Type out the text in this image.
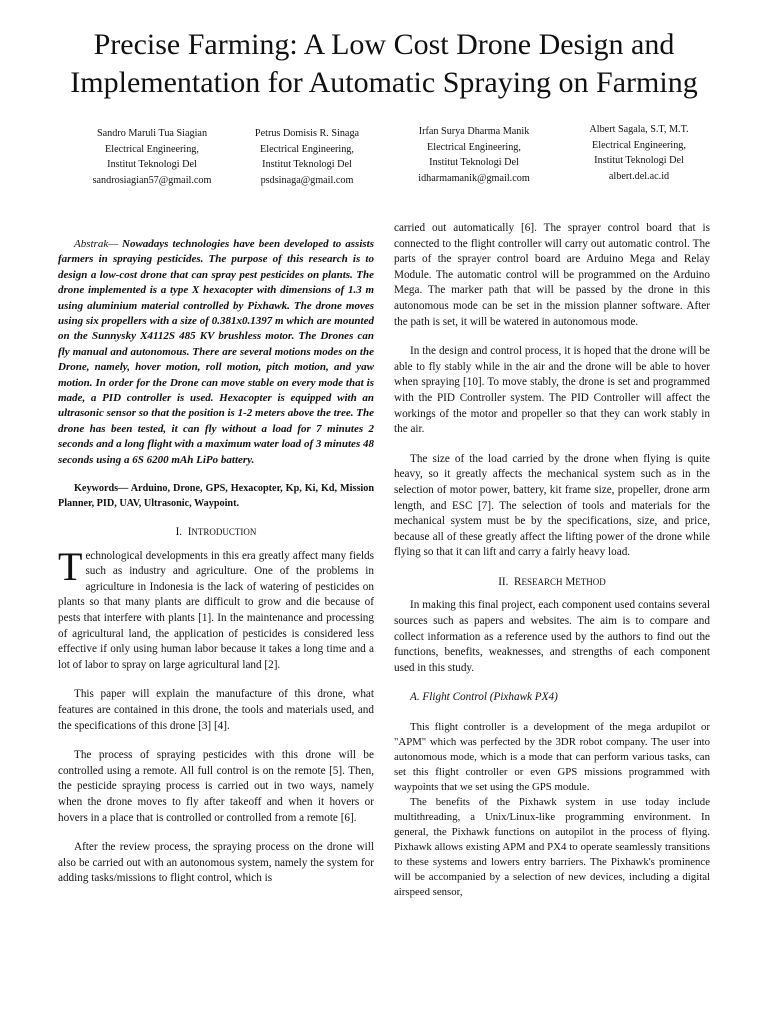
Precise Farming: A Low Cost Drone Design and
Implementation for Automatic Spraying on Farming
Sandro Maruli Tua Siagian
Electrical Engineering,
Institut Teknologi Del
sandrosiagian57@gmail.com
Petrus Domisis R. Sinaga
Electrical Engineering,
Institut Teknologi Del
psdsinaga@gmail.com
Irfan Surya Dharma Manik
Electrical Engineering,
Institut Teknologi Del
idharmamanik@gmail.com
Albert Sagala, S.T, M.T.
Electrical Engineering,
Institut Teknologi Del
albert.del.ac.id

Abstrak— Nowadays technologies have been developed to assists farmers in spraying pesticides. The purpose of this research is to design a low-cost drone that can spray pest pesticides on plants. The drone implemented is a type X hexacopter with dimensions of 1.3 m using aluminium material controlled by Pixhawk. The drone moves using six propellers with a size of 0.381x0.1397 m which are mounted on the Sunnysky X4112S 485 KV brushless motor. The Drones can fly manual and autonomous. There are several motions modes on the Drone, namely, hover motion, roll motion, pitch motion, and yaw motion. In order for the Drone can move stable on every mode that is made, a PID controller is used. Hexacopter is equipped with an ultrasonic sensor so that the position is 1-2 meters above the tree. The drone has been tested, it can fly without a load for 7 minutes 2 seconds and a long flight with a maximum water load of 3 minutes 48 seconds using a 6S 6200 mAh LiPo battery.

Keywords— Arduino, Drone, GPS, Hexacopter, Kp, Ki, Kd, Mission Planner, PID, UAV, Ultrasonic, Waypoint.

I. INTRODUCTION

Technological developments in this era greatly affect many fields such as industry and agriculture. One of the problems in agriculture in Indonesia is the lack of watering of pesticides on plants so that many plants are difficult to grow and die because of pests that interfere with plants [1]. In the maintenance and processing of agricultural land, the application of pesticides is considered less effective if only using human labor because it takes a long time and a lot of labor to spray on large agricultural land [2].

This paper will explain the manufacture of this drone, what features are contained in this drone, the tools and materials used, and the specifications of this drone [3] [4].

The process of spraying pesticides with this drone will be controlled using a remote. All full control is on the remote [5]. Then, the pesticide spraying process is carried out in two ways, namely when the drone moves to fly after takeoff and when it hovers or hovers in a place that is controlled or controlled from a remote [6].

After the review process, the spraying process on the drone will also be carried out with an autonomous system, namely the system for adding tasks/missions to flight control, which is

carried out automatically [6]. The sprayer control board that is connected to the flight controller will carry out automatic control. The parts of the sprayer control board are Arduino Mega and Relay Module. The automatic control will be programmed on the Arduino Mega. The marker path that will be passed by the drone in this autonomous mode can be set in the mission planner software. After the path is set, it will be watered in autonomous mode.

In the design and control process, it is hoped that the drone will be able to fly stably while in the air and the drone will be able to hover when spraying [10]. To move stably, the drone is set and programmed with the PID Controller system. The PID Controller will affect the workings of the motor and propeller so that they can work stably in the air.

The size of the load carried by the drone when flying is quite heavy, so it greatly affects the mechanical system such as in the selection of motor power, battery, kit frame size, propeller, drone arm length, and ESC [7]. The selection of tools and materials for the mechanical system must be by the specifications, size, and price, because all of these greatly affect the lifting power of the drone while flying so that it can lift and carry a fairly heavy load.

II. RESEARCH METHOD

In making this final project, each component used contains several sources such as papers and websites. The aim is to compare and collect information as a reference used by the authors to find out the functions, benefits, weaknesses, and strengths of each component used in this study.

A. Flight Control (Pixhawk PX4)

This flight controller is a development of the mega ardupilot or "APM" which was perfected by the 3DR robot company. The user into autonomous mode, which is a mode that can perform various tasks, can set this flight controller or even GPS missions programmed with waypoints that we set using the GPS module.

The benefits of the Pixhawk system in use today include multithreading, a Unix/Linux-like programming environment. In general, the Pixhawk functions on autopilot in the process of flying. Pixhawk allows existing APM and PX4 to operate seamlessly transitions to these systems and lowers entry barriers. The Pixhawk's prominence will be accompanied by a selection of new devices, including a digital airspeed sensor,
